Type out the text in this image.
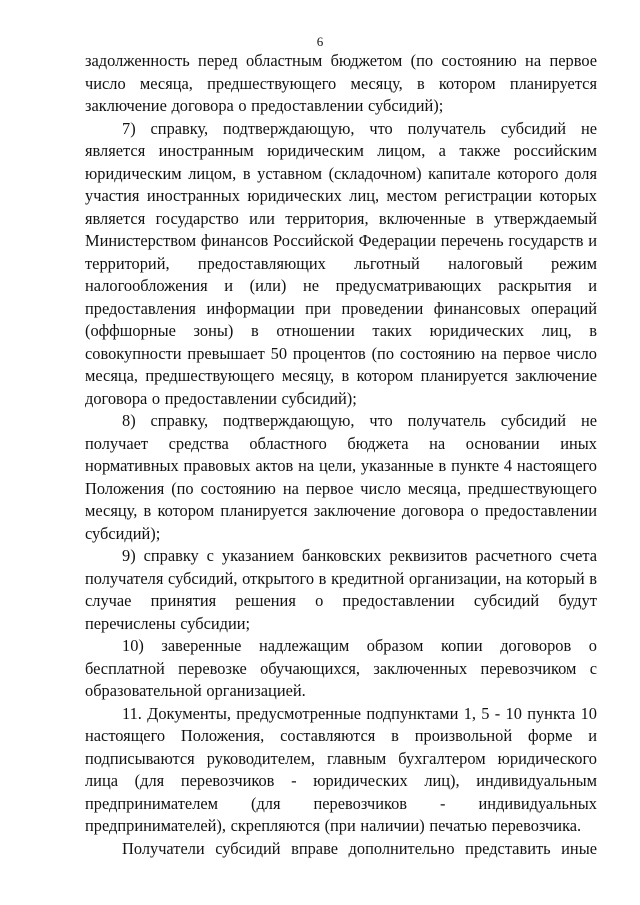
6

задолженность перед областным бюджетом (по состоянию на первое число месяца, предшествующего месяцу, в котором планируется заключение договора о предоставлении субсидий);

7) справку, подтверждающую, что получатель субсидий не является иностранным юридическим лицом, а также российским юридическим лицом, в уставном (складочном) капитале которого доля участия иностранных юридических лиц, местом регистрации которых является государство или территория, включенные в утверждаемый Министерством финансов Российской Федерации перечень государств и территорий, предоставляющих льготный налоговый режим налогообложения и (или) не предусматривающих раскрытия и предоставления информации при проведении финансовых операций (оффшорные зоны) в отношении таких юридических лиц, в совокупности превышает 50 процентов (по состоянию на первое число месяца, предшествующего месяцу, в котором планируется заключение договора о предоставлении субсидий);

8) справку, подтверждающую, что получатель субсидий не получает средства областного бюджета на основании иных нормативных правовых актов на цели, указанные в пункте 4 настоящего Положения (по состоянию на первое число месяца, предшествующего месяцу, в котором планируется заключение договора о предоставлении субсидий);

9) справку с указанием банковских реквизитов расчетного счета получателя субсидий, открытого в кредитной организации, на который в случае принятия решения о предоставлении субсидий будут перечислены субсидии;

10) заверенные надлежащим образом копии договоров о бесплатной перевозке обучающихся, заключенных перевозчиком с образовательной организацией.

11. Документы, предусмотренные подпунктами 1, 5 - 10 пункта 10 настоящего Положения, составляются в произвольной форме и подписываются руководителем, главным бухгалтером юридического лица (для перевозчиков - юридических лиц), индивидуальным предпринимателем (для перевозчиков - индивидуальных предпринимателей), скрепляются (при наличии) печатью перевозчика.

Получатели субсидий вправе дополнительно представить иные
